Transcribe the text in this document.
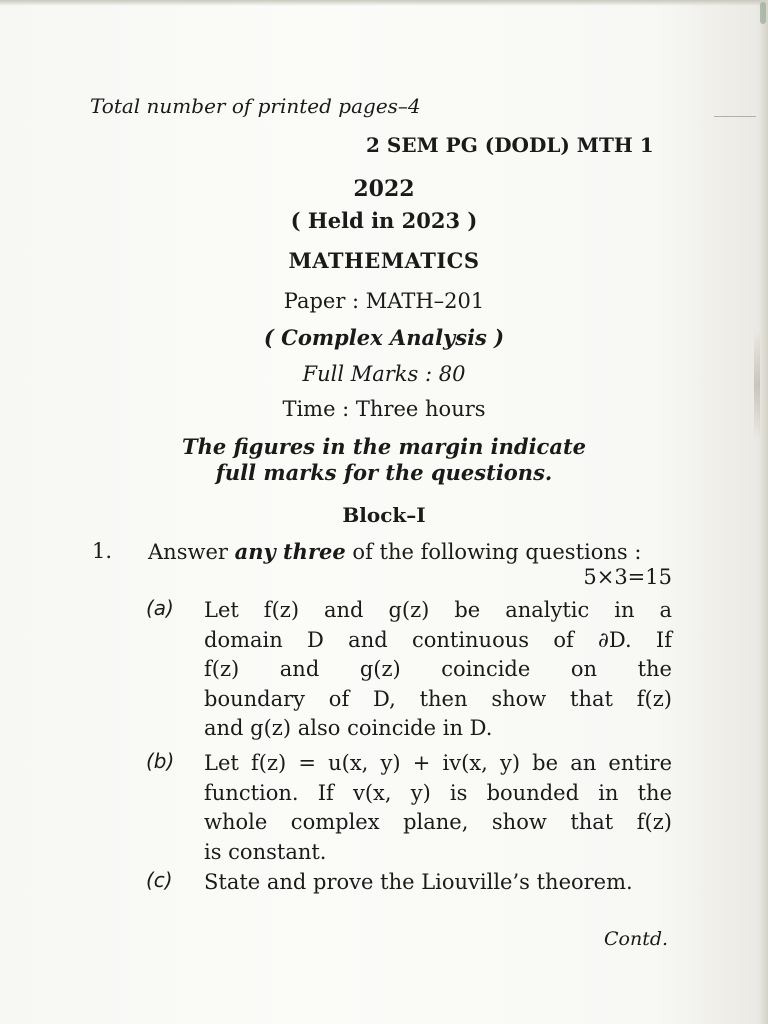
Total number of printed pages–4
2 SEM PG (DODL) MTH 1
2022
( Held in 2023 )
MATHEMATICS
Paper : MATH–201
( Complex Analysis )
Full Marks : 80
Time : Three hours
The figures in the margin indicate
full marks for the questions.
Block–I
1. Answer any three of the following questions :
5×3=15
(a) Let f(z) and g(z) be analytic in a
domain D and continuous of ∂D. If
f(z) and g(z) coincide on the
boundary of D, then show that f(z)
and g(z) also coincide in D.
(b) Let f(z) = u(x, y) + iv(x, y) be an entire
function. If v(x, y) is bounded in the
whole complex plane, show that f(z)
is constant.
(c) State and prove the Liouville’s theorem.
Contd.
